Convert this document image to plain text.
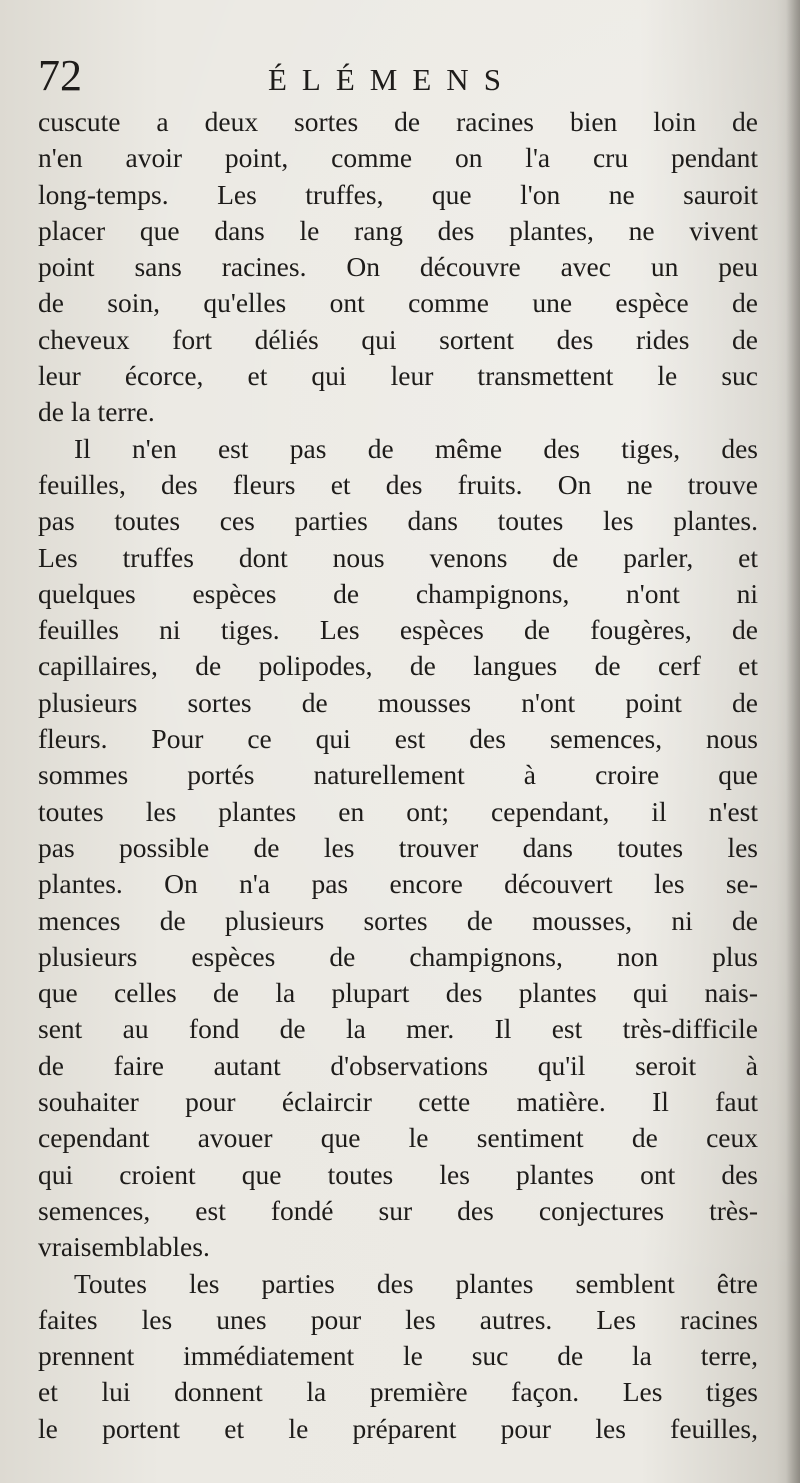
72	ÉLÉMENS
cuscute a deux sortes de racines bien loin de
n'en avoir point, comme on l'a cru pendant
long-temps. Les truffes, que l'on ne sauroit
placer que dans le rang des plantes, ne vivent
point sans racines. On découvre avec un peu
de soin, qu'elles ont comme une espèce de
cheveux fort déliés qui sortent des rides de
leur écorce, et qui leur transmettent le suc
de la terre.
Il n'en est pas de même des tiges, des
feuilles, des fleurs et des fruits. On ne trouve
pas toutes ces parties dans toutes les plantes.
Les truffes dont nous venons de parler, et
quelques espèces de champignons, n'ont ni
feuilles ni tiges. Les espèces de fougères, de
capillaires, de polipodes, de langues de cerf et
plusieurs sortes de mousses n'ont point de
fleurs. Pour ce qui est des semences, nous
sommes portés naturellement à croire que
toutes les plantes en ont; cependant, il n'est
pas possible de les trouver dans toutes les
plantes. On n'a pas encore découvert les se-
mences de plusieurs sortes de mousses, ni de
plusieurs espèces de champignons, non plus
que celles de la plupart des plantes qui nais-
sent au fond de la mer. Il est très-difficile
de faire autant d'observations qu'il seroit à
souhaiter pour éclaircir cette matière. Il faut
cependant avouer que le sentiment de ceux
qui croient que toutes les plantes ont des
semences, est fondé sur des conjectures très-
vraisemblables.
Toutes les parties des plantes semblent être
faites les unes pour les autres. Les racines
prennent immédiatement le suc de la terre,
et lui donnent la première façon. Les tiges
le portent et le préparent pour les feuilles,
